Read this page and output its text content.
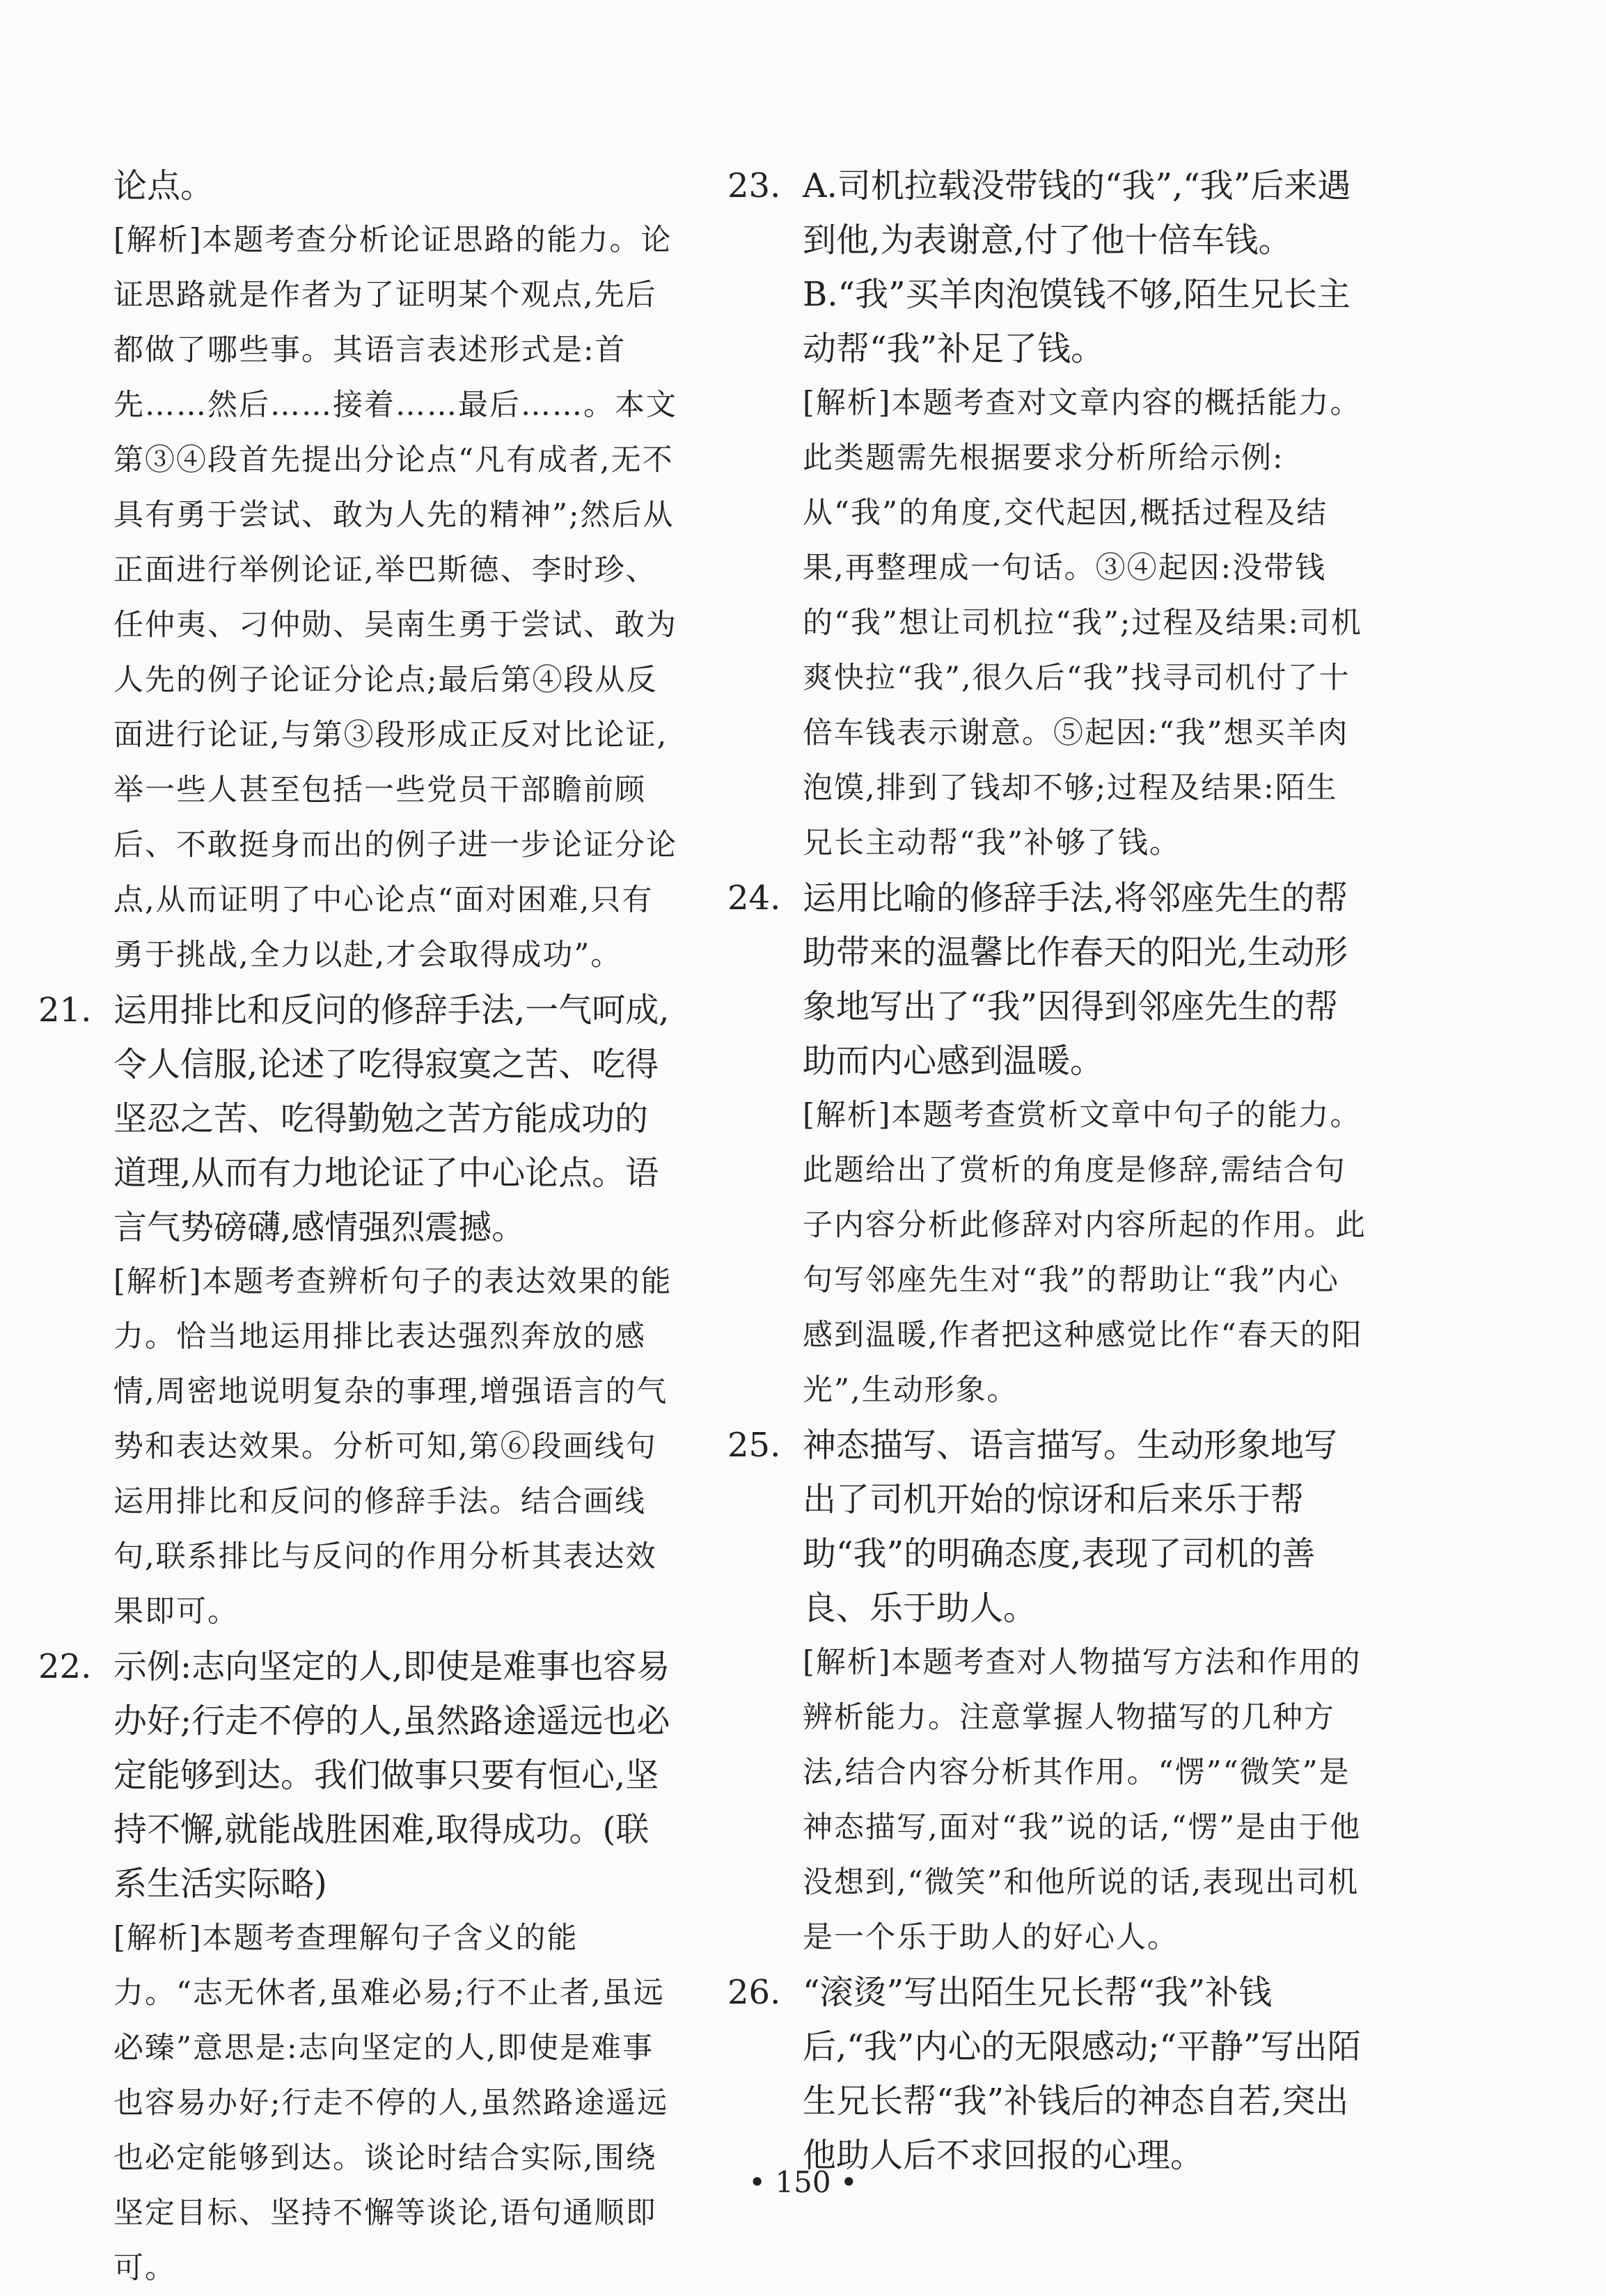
论点。

[解析]本题考查分析论证思路的能力。论证思路就是作者为了证明某个观点,先后都做了哪些事。其语言表述形式是:首先……然后……接着……最后……。本文第③④段首先提出分论点“凡有成者,无不具有勇于尝试、敢为人先的精神”;然后从正面进行举例论证,举巴斯德、李时珍、任仲夷、刁仲勋、吴南生勇于尝试、敢为人先的例子论证分论点;最后第④段从反面进行论证,与第③段形成正反对比论证,举一些人甚至包括一些党员干部瞻前顾后、不敢挺身而出的例子进一步论证分论点,从而证明了中心论点“面对困难,只有勇于挑战,全力以赴,才会取得成功”。

21. 运用排比和反问的修辞手法,一气呵成,令人信服,论述了吃得寂寞之苦、吃得坚忍之苦、吃得勤勉之苦方能成功的道理,从而有力地论证了中心论点。语言气势磅礴,感情强烈震撼。

[解析]本题考查辨析句子的表达效果的能力。恰当地运用排比表达强烈奔放的感情,周密地说明复杂的事理,增强语言的气势和表达效果。分析可知,第⑥段画线句运用排比和反问的修辞手法。结合画线句,联系排比与反问的作用分析其表达效果即可。

22. 示例:志向坚定的人,即使是难事也容易办好;行走不停的人,虽然路途遥远也必定能够到达。我们做事只要有恒心,坚持不懈,就能战胜困难,取得成功。(联系生活实际略)

[解析]本题考查理解句子含义的能力。“志无休者,虽难必易;行不止者,虽远必臻”意思是:志向坚定的人,即使是难事也容易办好;行走不停的人,虽然路途遥远也必定能够到达。谈论时结合实际,围绕坚定目标、坚持不懈等谈论,语句通顺即可。

23. A.司机拉载没带钱的“我”,“我”后来遇到他,为表谢意,付了他十倍车钱。

B.“我”买羊肉泡馍钱不够,陌生兄长主动帮“我”补足了钱。

[解析]本题考查对文章内容的概括能力。此类题需先根据要求分析所给示例:从“我”的角度,交代起因,概括过程及结果,再整理成一句话。③④起因:没带钱的“我”想让司机拉“我”;过程及结果:司机爽快拉“我”,很久后“我”找寻司机付了十倍车钱表示谢意。⑤起因:“我”想买羊肉泡馍,排到了钱却不够;过程及结果:陌生兄长主动帮“我”补够了钱。

24. 运用比喻的修辞手法,将邻座先生的帮助带来的温馨比作春天的阳光,生动形象地写出了“我”因得到邻座先生的帮助而内心感到温暖。

[解析]本题考查赏析文章中句子的能力。此题给出了赏析的角度是修辞,需结合句子内容分析此修辞对内容所起的作用。此句写邻座先生对“我”的帮助让“我”内心感到温暖,作者把这种感觉比作“春天的阳光”,生动形象。

25. 神态描写、语言描写。生动形象地写出了司机开始的惊讶和后来乐于帮助“我”的明确态度,表现了司机的善良、乐于助人。

[解析]本题考查对人物描写方法和作用的辨析能力。注意掌握人物描写的几种方法,结合内容分析其作用。“愣”“微笑”是神态描写,面对“我”说的话,“愣”是由于他没想到,“微笑”和他所说的话,表现出司机是一个乐于助人的好心人。

26. “滚烫”写出陌生兄长帮“我”补钱后,“我”内心的无限感动;“平静”写出陌生兄长帮“我”补钱后的神态自若,突出他助人后不求回报的心理。

• 150 •
